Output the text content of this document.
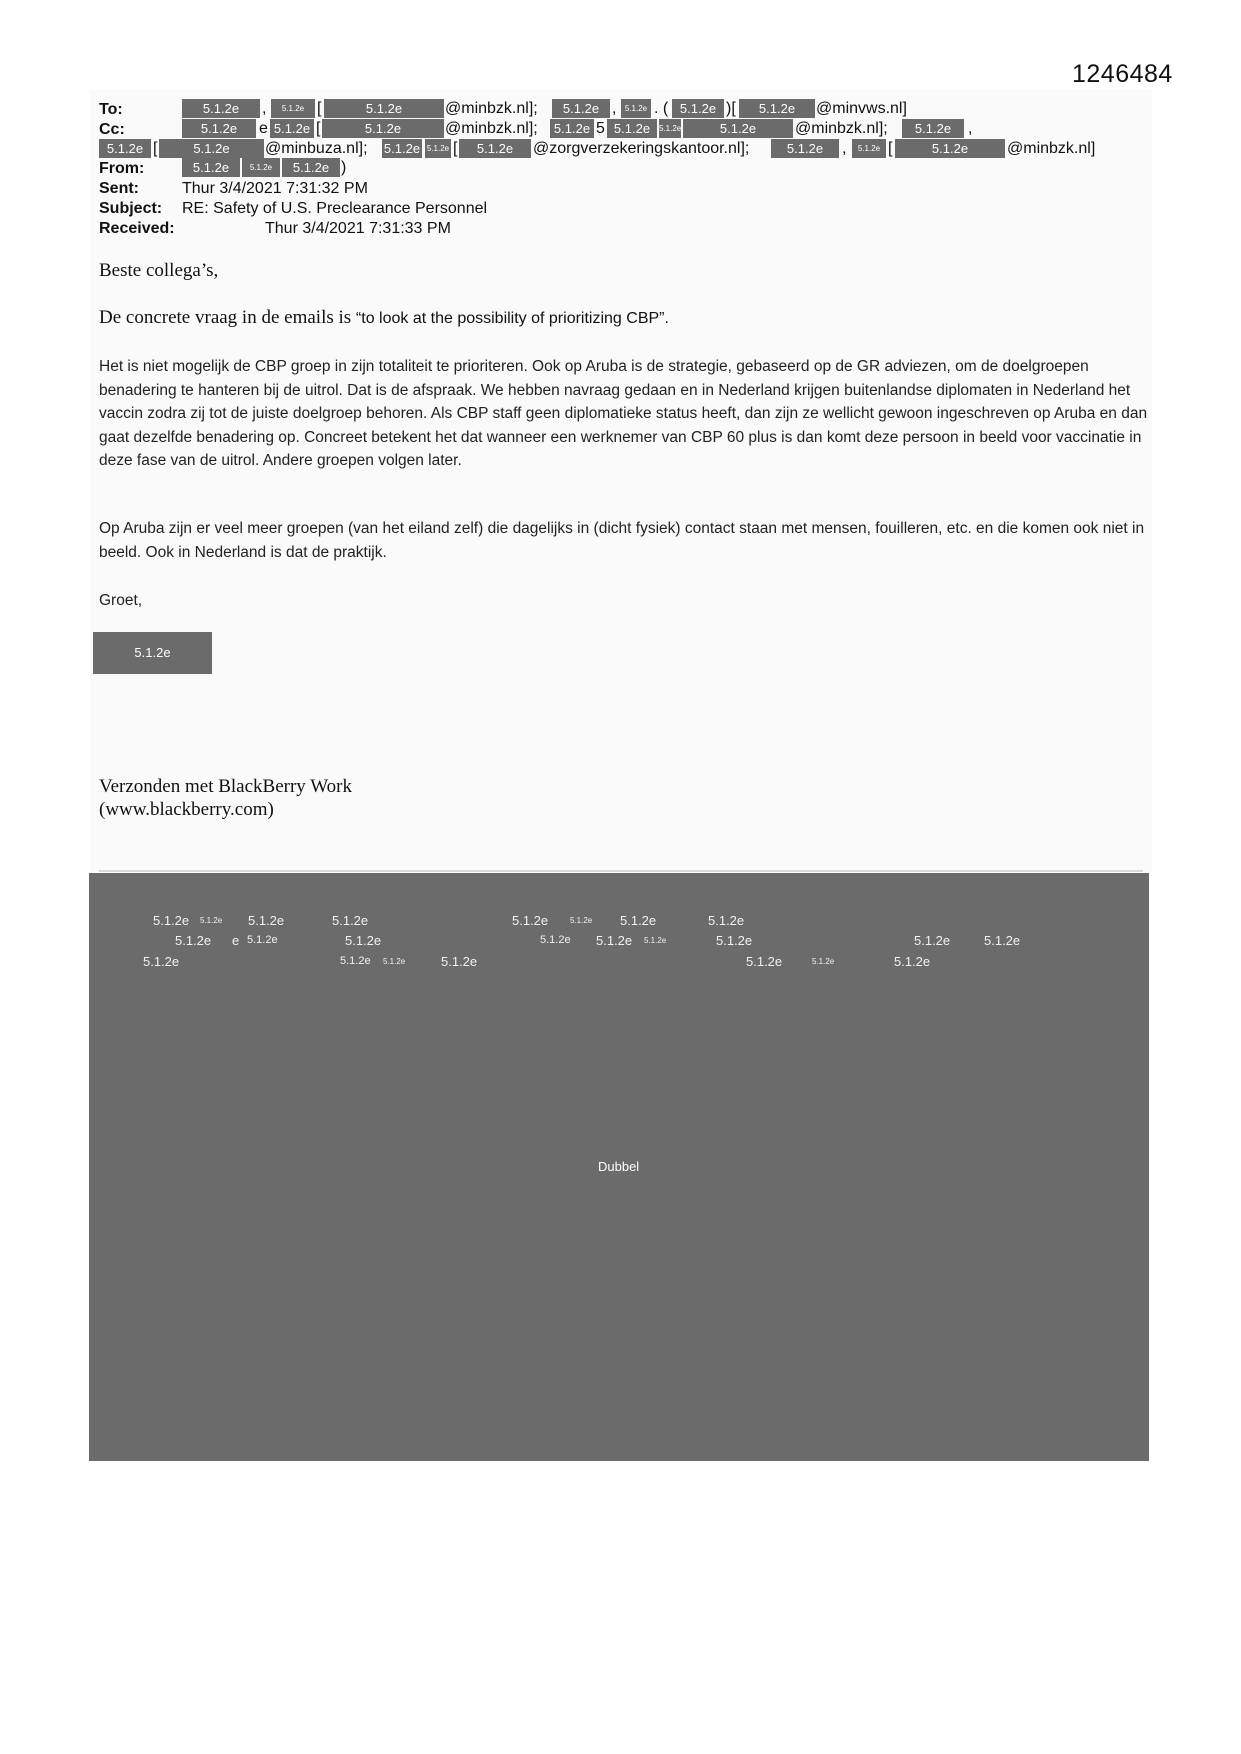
1246484
To:	5.1.2e	,	5.1.2e [	5.1.2e	@minbzk.nl];	5.1.2e ,	5.1.2e . ( 5.1.2e )[	5.1.2e	@minvws.nl]
Cc:	5.1.2e	e 5.1.2e [	5.1.2e	@minbzk.nl];	5.1.2e 5 5.1.2e	5.1.2e	5.1.2e	@minbzk.nl];	5.1.2e	,
5.1.2e [	5.1.2e	@minbuza.nl]; 5.1.2e 5.1.2e [	5.1.2e	@zorgverzekeringskantoor.nl];	5.1.2e	,	5.1.2e [	5.1.2e	@minbzk.nl]
From:	5.1.2e	5.1.2e	5.1.2e )
Sent:	Thur 3/4/2021 7:31:32 PM
Subject: RE: Safety of U.S. Preclearance Personnel
Received:	Thur 3/4/2021 7:31:33 PM
Beste collega’s,
De concrete vraag in de emails is “to look at the possibility of prioritizing CBP”.
Het is niet mogelijk de CBP groep in zijn totaliteit te prioriteren. Ook op Aruba is de strategie, gebaseerd op de GR adviezen, om de doelgroepen benadering te hanteren bij de uitrol. Dat is de afspraak. We hebben navraag gedaan en in Nederland krijgen buitenlandse diplomaten in Nederland het vaccin zodra zij tot de juiste doelgroep behoren. Als CBP staff geen diplomatieke status heeft, dan zijn ze wellicht gewoon ingeschreven op Aruba en dan gaat dezelfde benadering op. Concreet betekent het dat wanneer een werknemer van CBP 60 plus is dan komt deze persoon in beeld voor vaccinatie in deze fase van de uitrol. Andere groepen volgen later.
Op Aruba zijn er veel meer groepen (van het eiland zelf) die dagelijks in (dicht fysiek) contact staan met mensen, fouilleren, etc. en die komen ook niet in beeld. Ook in Nederland is dat de praktijk.
Groet,
5.1.2e
Verzonden met BlackBerry Work
(www.blackberry.com)
5.1.2e 5.1.2e 5.1.2e	5.1.2e	5.1.2e	5.1.2e 5.1.2e	5.1.2e
5.1.2e e 5.1.2e	5.1.2e	5.1.2e 5.1.2e 5.1.2e	5.1.2e	5.1.2e	5.1.2e
5.1.2e	5.1.2e 5.1.2e	5.1.2e	5.1.2e	5.1.2e	5.1.2e
Dubbel
